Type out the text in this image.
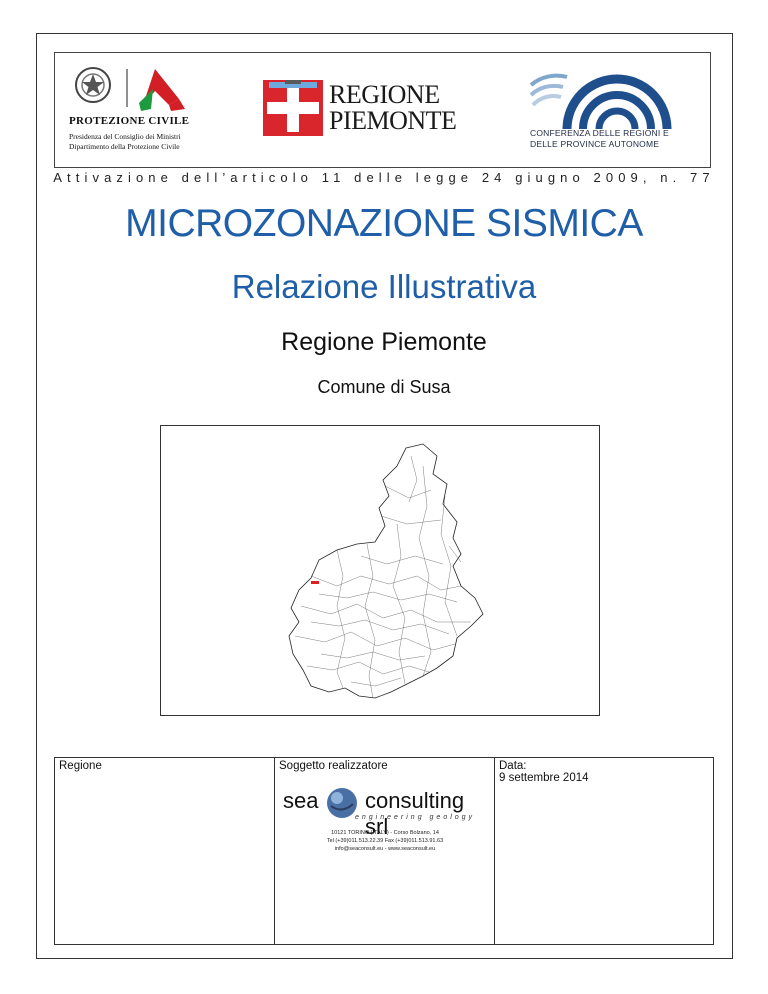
PROTEZIONE CIVILE
Presidenza del Consiglio dei Ministri
Dipartimento della Protezione Civile
REGIONE
PIEMONTE	CONFERENZA DELLE REGIONI E
DELLE PROVINCE AUTONOME
Attivazione dell’articolo 11 delle legge 24 giugno 2009, n. 77
MICROZONAZIONE SISMICA
Relazione Illustrativa
Regione Piemonte
Comune di Susa
Regione	Soggetto realizzatore
sea consulting srl
engineering geology
10121 TORINO (ITALY) - Corso Bolzano, 14
Tel (+39)011.513.22.39 Fax (+39)011.513.91.63
info@seaconsult.eu - www.seaconsult.eu
Data:
9 settembre 2014
